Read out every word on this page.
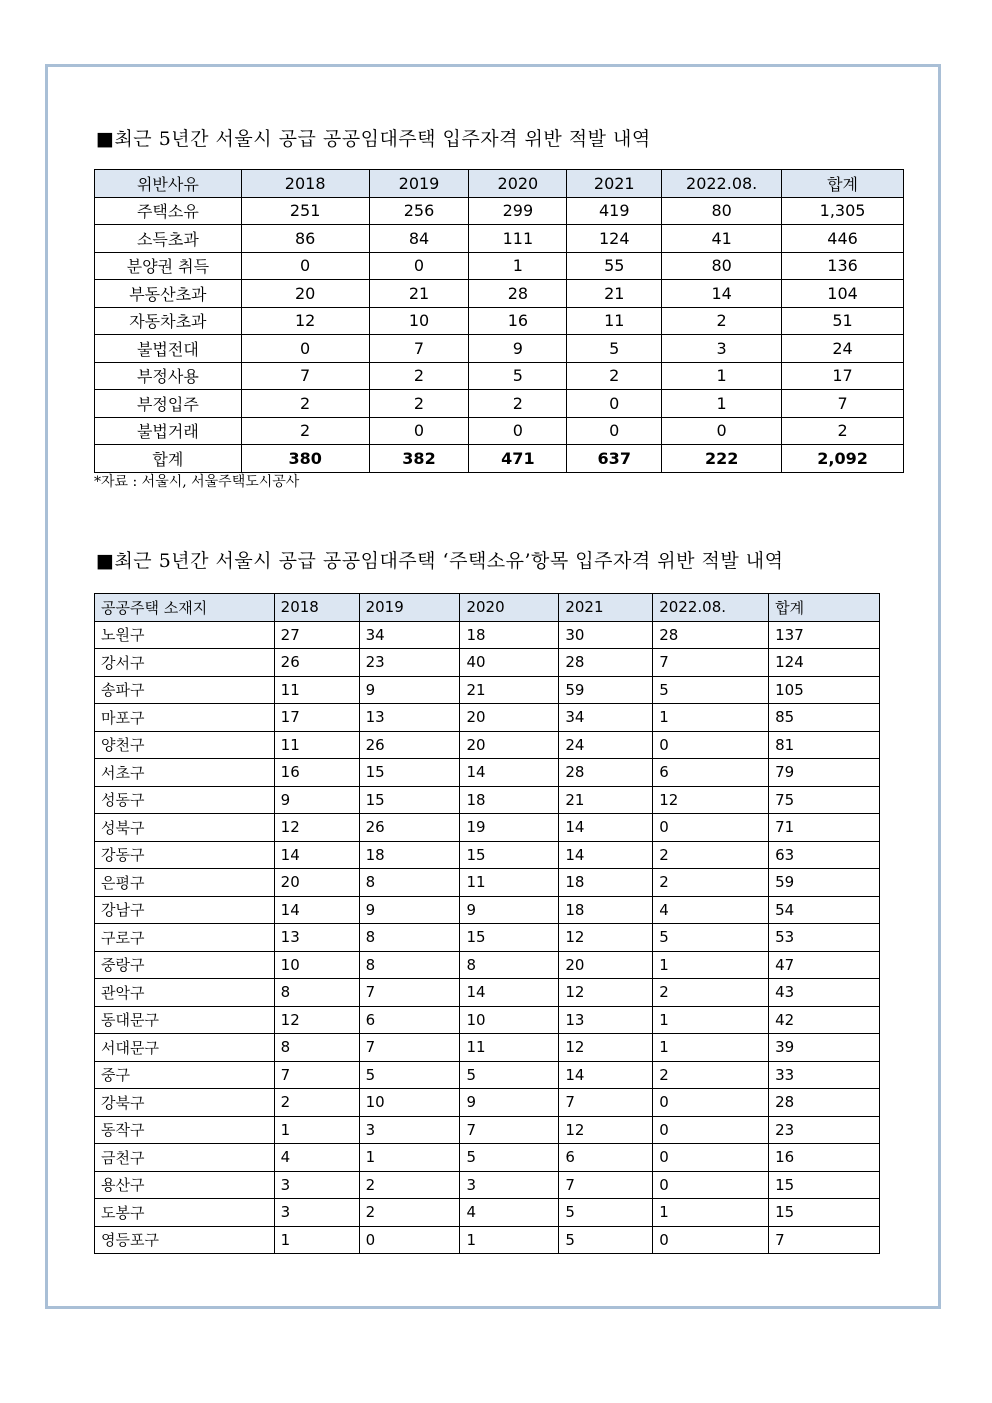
■최근 5년간 서울시 공급 공공임대주택 입주자격 위반 적발 내역
위반사유	2018	2019	2020	2021	2022.08.	합계
주택소유	251	256	299	419	80	1,305
소득초과	86	84	111	124	41	446
분양권 취득	0	0	1	55	80	136
부동산초과	20	21	28	21	14	104
자동차초과	12	10	16	11	2	51
불법전대	0	7	9	5	3	24
부정사용	7	2	5	2	1	17
부정입주	2	2	2	0	1	7
불법거래	2	0	0	0	0	2
합계	380	382	471	637	222	2,092
*자료 : 서울시, 서울주택도시공사
■최근 5년간 서울시 공급 공공임대주택 ‘주택소유’항목 입주자격 위반 적발 내역
공공주택 소재지	2018	2019	2020	2021	2022.08.	합계
노원구	27	34	18	30	28	137
강서구	26	23	40	28	7	124
송파구	11	9	21	59	5	105
마포구	17	13	20	34	1	85
양천구	11	26	20	24	0	81
서초구	16	15	14	28	6	79
성동구	9	15	18	21	12	75
성북구	12	26	19	14	0	71
강동구	14	18	15	14	2	63
은평구	20	8	11	18	2	59
강남구	14	9	9	18	4	54
구로구	13	8	15	12	5	53
중랑구	10	8	8	20	1	47
관악구	8	7	14	12	2	43
동대문구	12	6	10	13	1	42
서대문구	8	7	11	12	1	39
중구	7	5	5	14	2	33
강북구	2	10	9	7	0	28
동작구	1	3	7	12	0	23
금천구	4	1	5	6	0	16
용산구	3	2	3	7	0	15
도봉구	3	2	4	5	1	15
영등포구	1	0	1	5	0	7
